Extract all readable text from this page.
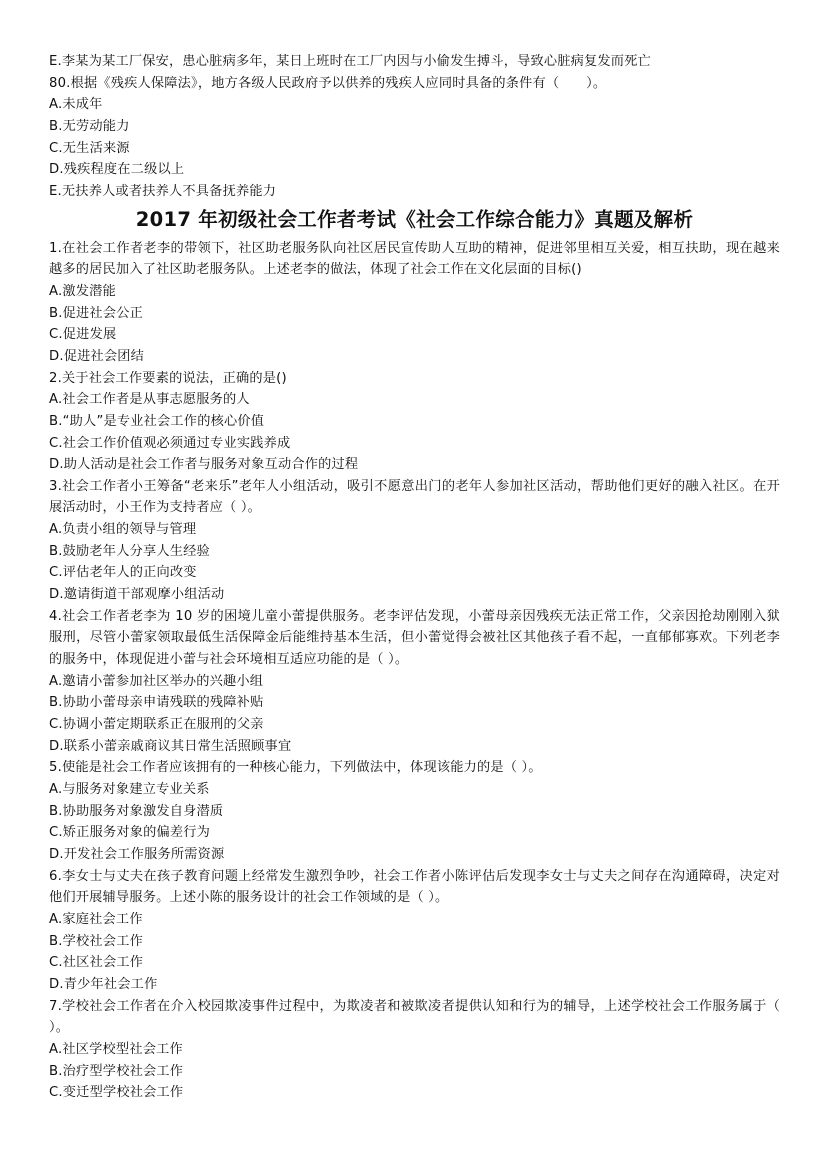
E.李某为某工厂保安，患心脏病多年，某日上班时在工厂内因与小偷发生搏斗，导致心脏病复发而死亡
80.根据《残疾人保障法》，地方各级人民政府予以供养的残疾人应同时具备的条件有（　　）。
A.未成年
B.无劳动能力
C.无生活来源
D.残疾程度在二级以上
E.无扶养人或者扶养人不具备抚养能力
2017 年初级社会工作者考试《社会工作综合能力》真题及解析
1.在社会工作者老李的带领下，社区助老服务队向社区居民宣传助人互助的精神，促进邻里相互关爱，相互扶助，现在越来越多的居民加入了社区助老服务队。上述老李的做法，体现了社会工作在文化层面的目标()
A.激发潜能
B.促进社会公正
C.促进发展
D.促进社会团结
2.关于社会工作要素的说法，正确的是()
A.社会工作者是从事志愿服务的人
B.“助人”是专业社会工作的核心价值
C.社会工作价值观必须通过专业实践养成
D.助人活动是社会工作者与服务对象互动合作的过程
3.社会工作者小王筹备“老来乐”老年人小组活动，吸引不愿意出门的老年人参加社区活动，帮助他们更好的融入社区。在开展活动时，小王作为支持者应（ ）。
A.负责小组的领导与管理
B.鼓励老年人分享人生经验
C.评估老年人的正向改变
D.邀请街道干部观摩小组活动
4.社会工作者老李为 10 岁的困境儿童小蕾提供服务。老李评估发现，小蕾母亲因残疾无法正常工作，父亲因抢劫刚刚入狱服刑，尽管小蕾家领取最低生活保障金后能维持基本生活，但小蕾觉得会被社区其他孩子看不起，一直郁郁寡欢。下列老李的服务中，体现促进小蕾与社会环境相互适应功能的是（ ）。
A.邀请小蕾参加社区举办的兴趣小组
B.协助小蕾母亲申请残联的残障补贴
C.协调小蕾定期联系正在服刑的父亲
D.联系小蕾亲戚商议其日常生活照顾事宜
5.使能是社会工作者应该拥有的一种核心能力，下列做法中，体现该能力的是（ ）。
A.与服务对象建立专业关系
B.协助服务对象激发自身潜质
C.矫正服务对象的偏差行为
D.开发社会工作服务所需资源
6.李女士与丈夫在孩子教育问题上经常发生激烈争吵，社会工作者小陈评估后发现李女士与丈夫之间存在沟通障碍，决定对他们开展辅导服务。上述小陈的服务设计的社会工作领域的是（ ）。
A.家庭社会工作
B.学校社会工作
C.社区社会工作
D.青少年社会工作
7.学校社会工作者在介入校园欺凌事件过程中，为欺凌者和被欺凌者提供认知和行为的辅导，上述学校社会工作服务属于（ ）。
A.社区学校型社会工作
B.治疗型学校社会工作
C.变迁型学校社会工作
